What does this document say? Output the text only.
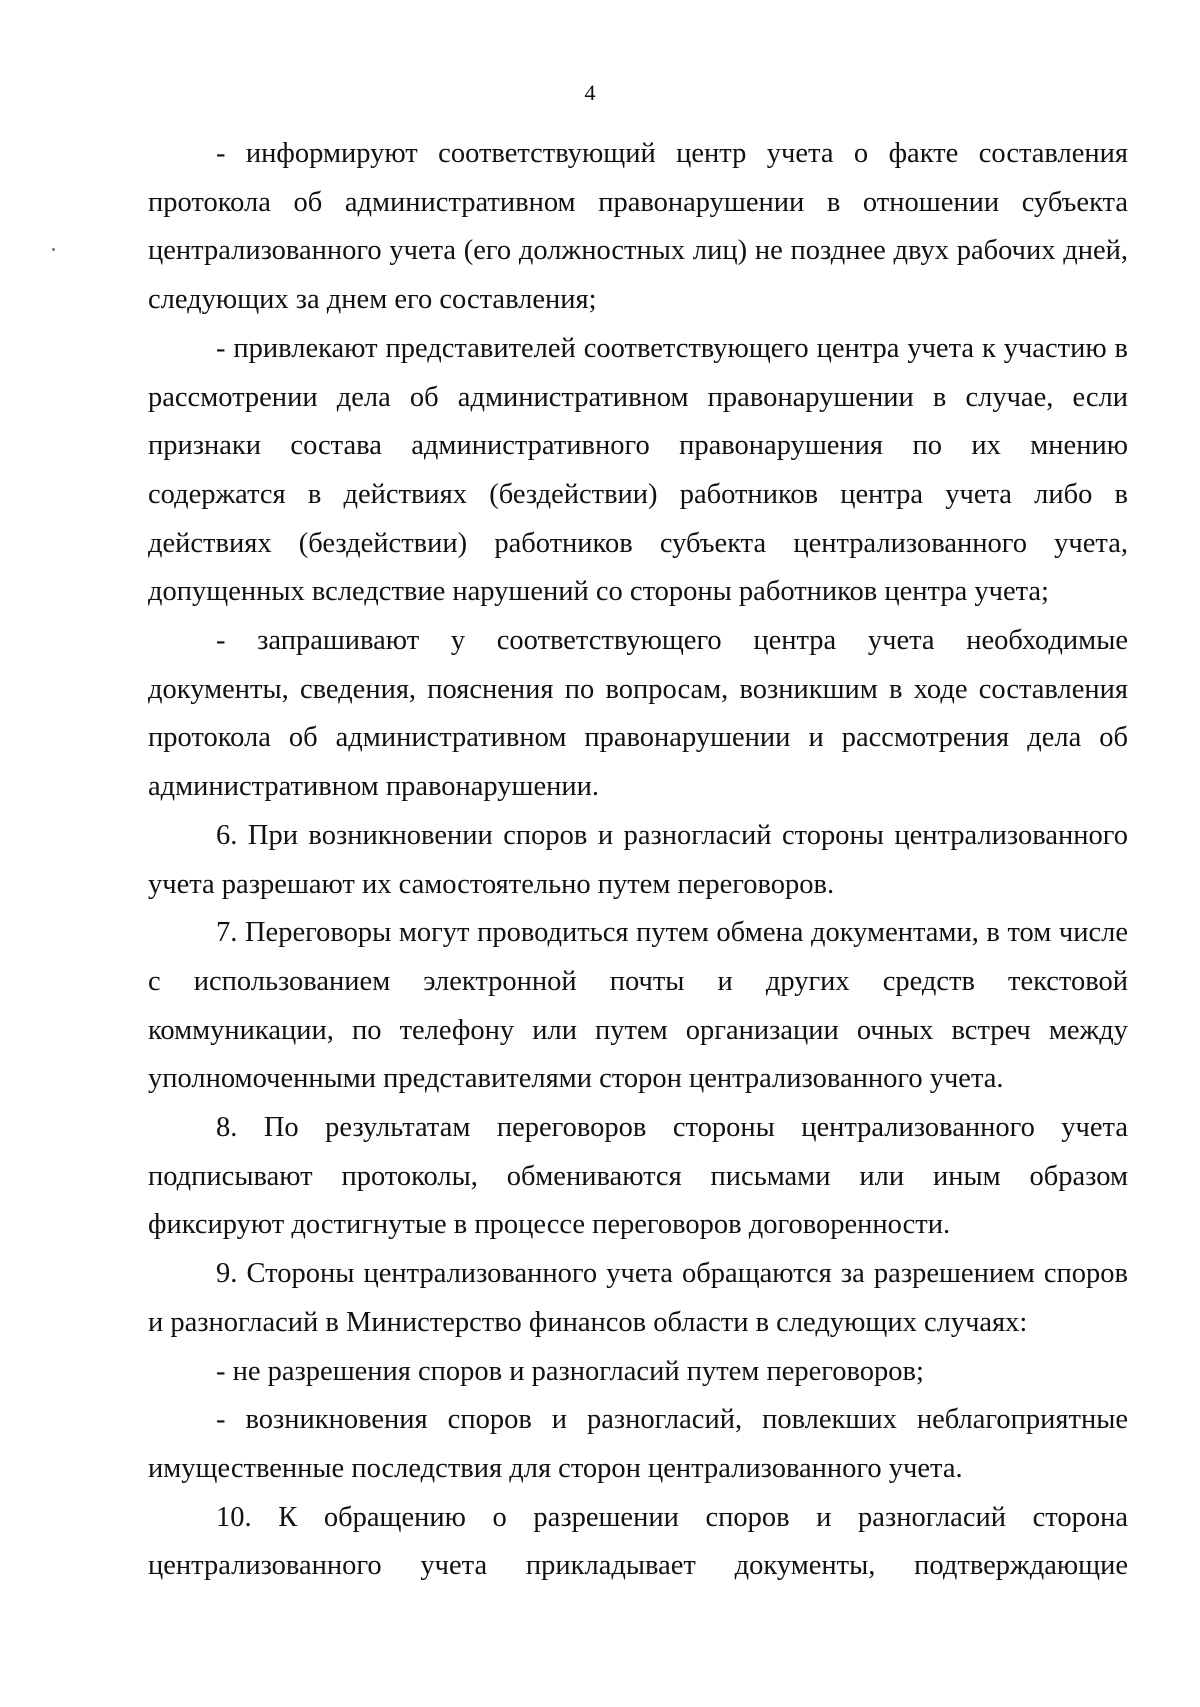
4

- информируют соответствующий центр учета о факте составления протокола об административном правонарушении в отношении субъекта централизованного учета (его должностных лиц) не позднее двух рабочих дней, следующих за днем его составления;

- привлекают представителей соответствующего центра учета к участию в рассмотрении дела об административном правонарушении в случае, если признаки состава административного правонарушения по их мнению содержатся в действиях (бездействии) работников центра учета либо в действиях (бездействии) работников субъекта централизованного учета, допущенных вследствие нарушений со стороны работников центра учета;

- запрашивают у соответствующего центра учета необходимые документы, сведения, пояснения по вопросам, возникшим в ходе составления протокола об административном правонарушении и рассмотрения дела об административном правонарушении.

6. При возникновении споров и разногласий стороны централизованного учета разрешают их самостоятельно путем переговоров.

7. Переговоры могут проводиться путем обмена документами, в том числе с использованием электронной почты и других средств текстовой коммуникации, по телефону или путем организации очных встреч между уполномоченными представителями сторон централизованного учета.

8. По результатам переговоров стороны централизованного учета подписывают протоколы, обмениваются письмами или иным образом фиксируют достигнутые в процессе переговоров договоренности.

9. Стороны централизованного учета обращаются за разрешением споров и разногласий в Министерство финансов области в следующих случаях:

- не разрешения споров и разногласий путем переговоров;

- возникновения споров и разногласий, повлекших неблагоприятные имущественные последствия для сторон централизованного учета.

10. К обращению о разрешении споров и разногласий сторона централизованного учета прикладывает документы, подтверждающие
